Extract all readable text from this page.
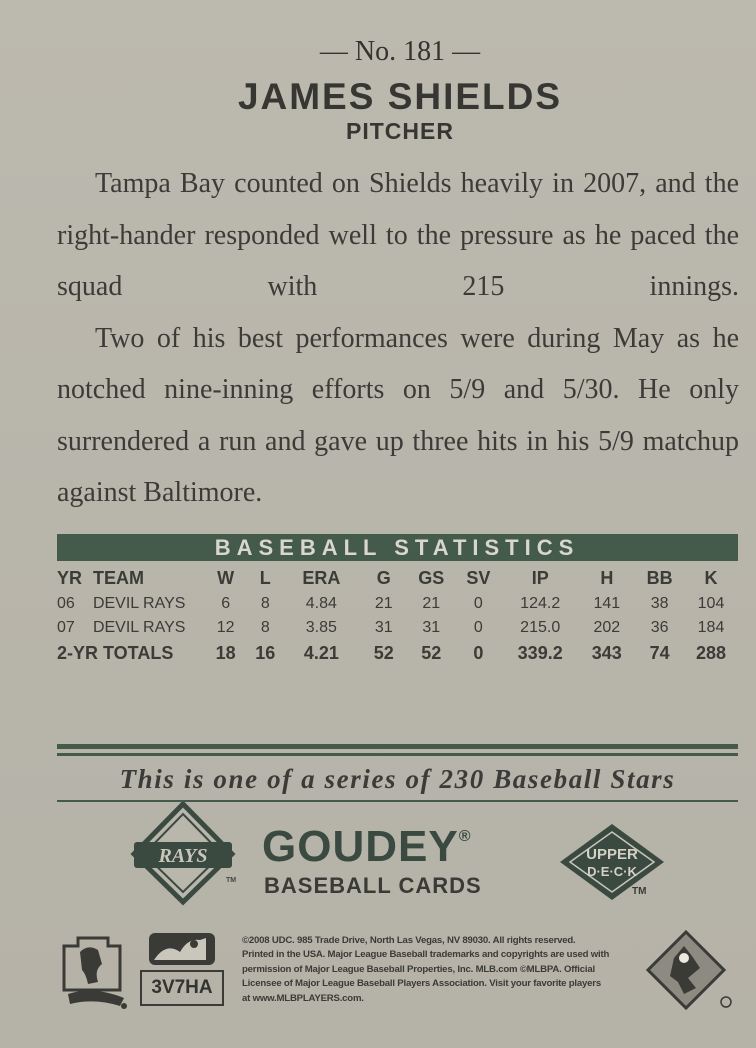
— No. 181 —
JAMES SHIELDS
PITCHER

Tampa Bay counted on Shields heavily in 2007, and the right-hander responded well to the pressure as he paced the squad with 215 innings.

Two of his best performances were during May as he notched nine-inning efforts on 5/9 and 5/30. He only surrendered a run and gave up three hits in his 5/9 matchup against Baltimore.

BASEBALL STATISTICS
YR	TEAM	W	L	ERA	G	GS	SV	IP	H	BB	K
06	DEVIL RAYS	6	8	4.84	21	21	0	124.2	141	38	104
07	DEVIL RAYS	12	8	3.85	31	31	0	215.0	202	36	184
2-YR TOTALS		18	16	4.21	52	52	0	339.2	343	74	288
This is one of a series of 230 Baseball Stars
RAYS
TM
GOUDEY®
BASEBALL CARDS
UPPER
D·E·C·K
TM
3V7HA
©2008 UDC. 985 Trade Drive, North Las Vegas, NV 89030. All rights reserved.
Printed in the USA. Major League Baseball trademarks and copyrights are used with
permission of Major League Baseball Properties, Inc. MLB.com ©MLBPA. Official
Licensee of Major League Baseball Players Association. Visit your favorite players
at www.MLBPLAYERS.com.
